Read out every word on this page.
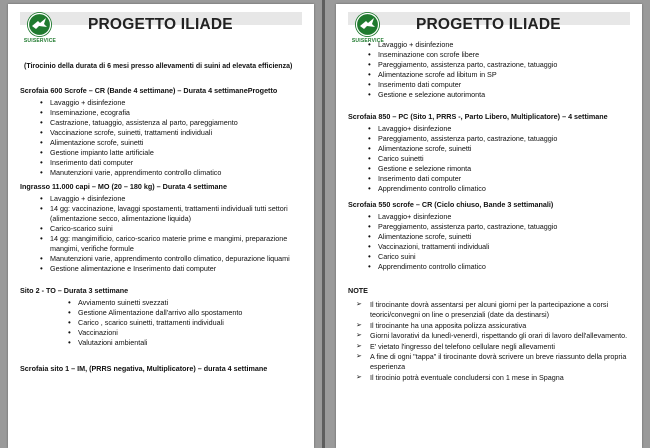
SUISERVICE
PROGETTO ILIADE

(Tirocinio della durata di 6 mesi presso allevamenti di suini ad elevata efficienza)

Scrofaia 600 Scrofe – CR (Bande 4 settimane) – Durata 4 settimaneProgetto

• Lavaggio + disinfezione
• Inseminazione, ecografia
• Castrazione, tatuaggio, assistenza al parto, pareggiamento
• Vaccinazione scrofe, suinetti, trattamenti individuali
• Alimentazione scrofe, suinetti
• Gestione impianto latte artificiale
• Inserimento dati computer
• Manutenzioni varie, apprendimento controllo climatico

Ingrasso 11.000 capi – MO (20 – 180 kg) – Durata 4 settimane

• Lavaggio + disinfezione
• 14 gg: vaccinazione, lavaggi spostamenti, trattamenti individuali tutti settori (alimentazione secco, alimentazione liquida)
• Carico-scarico suini
• 14 gg: mangimificio, carico-scarico materie prime e mangimi, preparazione mangimi, verifiche formule
• Manutenzioni varie, apprendimento controllo climatico, depurazione liquami
• Gestione alimentazione e Inserimento dati computer

Sito 2 - TO – Durata 3 settimane

• Avviamento suinetti svezzati
• Gestione Alimentazione dall'arrivo allo spostamento
• Carico , scarico suinetti, trattamenti individuali
• Vaccinazioni
• Valutazioni ambientali

Scrofaia sito 1 – IM, (PRRS negativa, Multiplicatore) – durata 4 settimane

SUISERVICE
PROGETTO ILIADE
• Lavaggio + disinfezione
• Inseminazione con scrofe libere
• Pareggiamento, assistenza parto, castrazione, tatuaggio
• Alimentazione scrofe ad libitum in SP
• Inserimento dati computer
• Gestione e selezione autorimonta

Scrofaia 850 – PC (Sito 1, PRRS -, Parto Libero, Multiplicatore) – 4 settimane

• Lavaggio+ disinfezione
• Pareggiamento, assistenza parto, castrazione, tatuaggio
• Alimentazione scrofe, suinetti
• Carico suinetti
• Gestione e selezione rimonta
• Inserimento dati computer
• Apprendimento controllo climatico

Scrofaia 550 scrofe – CR (Ciclo chiuso, Bande 3 settimanali)

• Lavaggio+ disinfezione
• Pareggiamento, assistenza parto, castrazione, tatuaggio
• Alimentazione scrofe, suinetti
• Vaccinazioni, trattamenti individuali
• Carico suini
• Apprendimento controllo climatico

NOTE

➢ Il tirocinante dovrà assentarsi per alcuni giorni per la partecipazione a corsi teorici/convegni on line o presenziali (date da destinarsi)
➢ Il tirocinante ha una apposita polizza assicurativa
➢ Giorni lavorativi da lunedì-venerdì, rispettando gli orari di lavoro dell'allevamento.
➢ E' vietato l'ingresso del telefono cellulare negli allevamenti
➢ A fine di ogni "tappa" il tirocinante dovrà scrivere un breve riassunto della propria esperienza
➢ Il tirocinio potrà eventuale concludersi con 1 mese in Spagna
